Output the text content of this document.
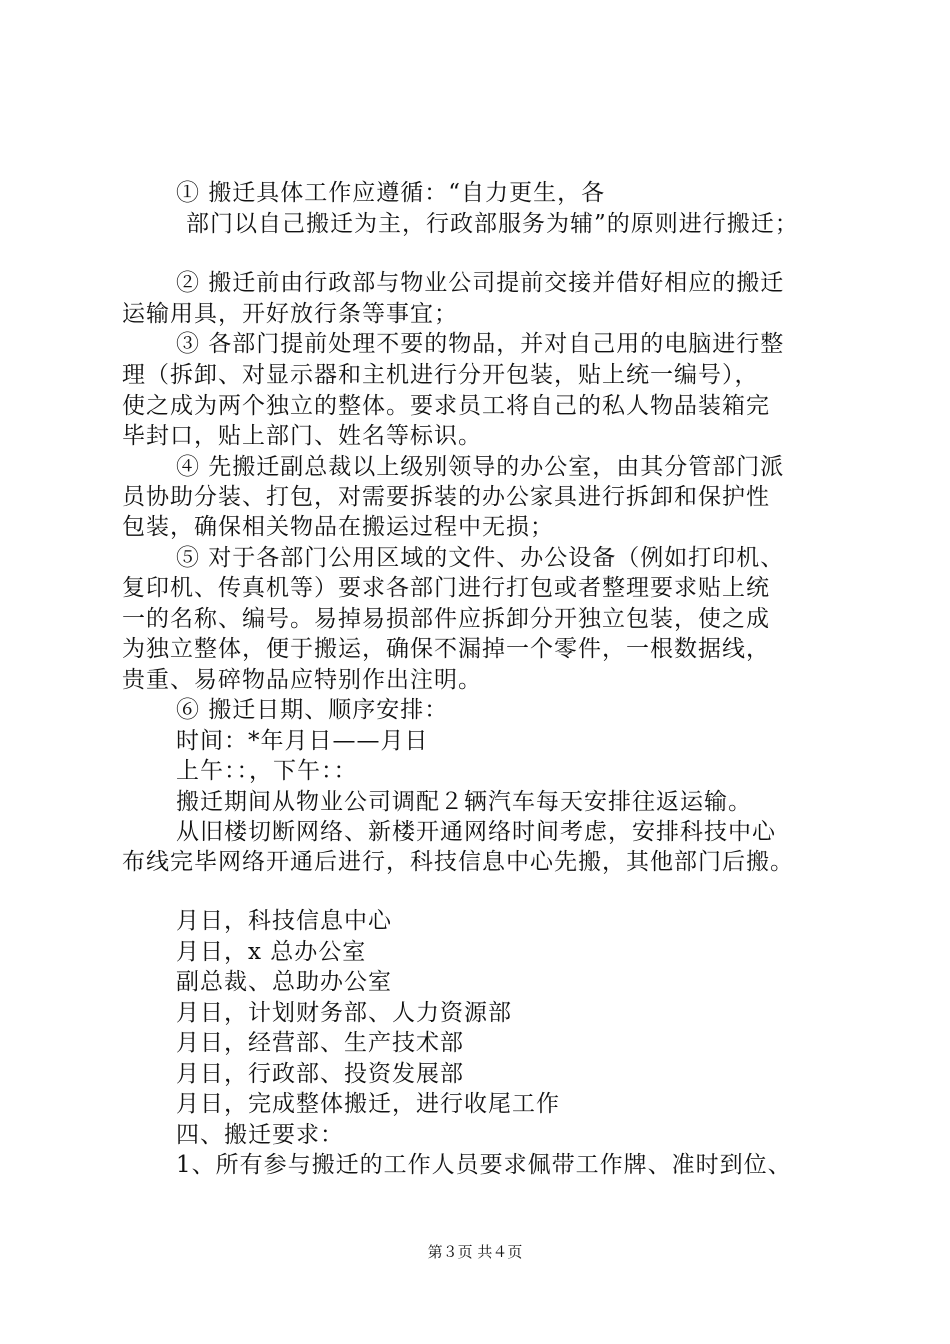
① 搬迁具体工作应遵循：“自力更生，各
部门以自己搬迁为主，行政部服务为辅”的原则进行搬迁；
② 搬迁前由行政部与物业公司提前交接并借好相应的搬迁
运输用具，开好放行条等事宜；
③ 各部门提前处理不要的物品，并对自己用的电脑进行整
理（拆卸、对显示器和主机进行分开包装，贴上统一编号），
使之成为两个独立的整体。要求员工将自己的私人物品装箱完
毕封口，贴上部门、姓名等标识。
④ 先搬迁副总裁以上级别领导的办公室，由其分管部门派
员协助分装、打包，对需要拆装的办公家具进行拆卸和保护性
包装，确保相关物品在搬运过程中无损；
⑤ 对于各部门公用区域的文件、办公设备（例如打印机、
复印机、传真机等）要求各部门进行打包或者整理要求贴上统
一的名称、编号。易掉易损部件应拆卸分开独立包装，使之成
为独立整体，便于搬运，确保不漏掉一个零件，一根数据线，
贵重、易碎物品应特别作出注明。
⑥ 搬迁日期、顺序安排：
时间：*年月日——月日
上午：：，下午：：
搬迁期间从物业公司调配２辆汽车每天安排往返运输。
从旧楼切断网络、新楼开通网络时间考虑，安排科技中心
布线完毕网络开通后进行，科技信息中心先搬，其他部门后搬。
月日，科技信息中心
月日，x 总办公室
副总裁、总助办公室
月日，计划财务部、人力资源部
月日，经营部、生产技术部
月日，行政部、投资发展部
月日，完成整体搬迁，进行收尾工作
四、搬迁要求：
1、所有参与搬迁的工作人员要求佩带工作牌、准时到位、
第３页 共４页
